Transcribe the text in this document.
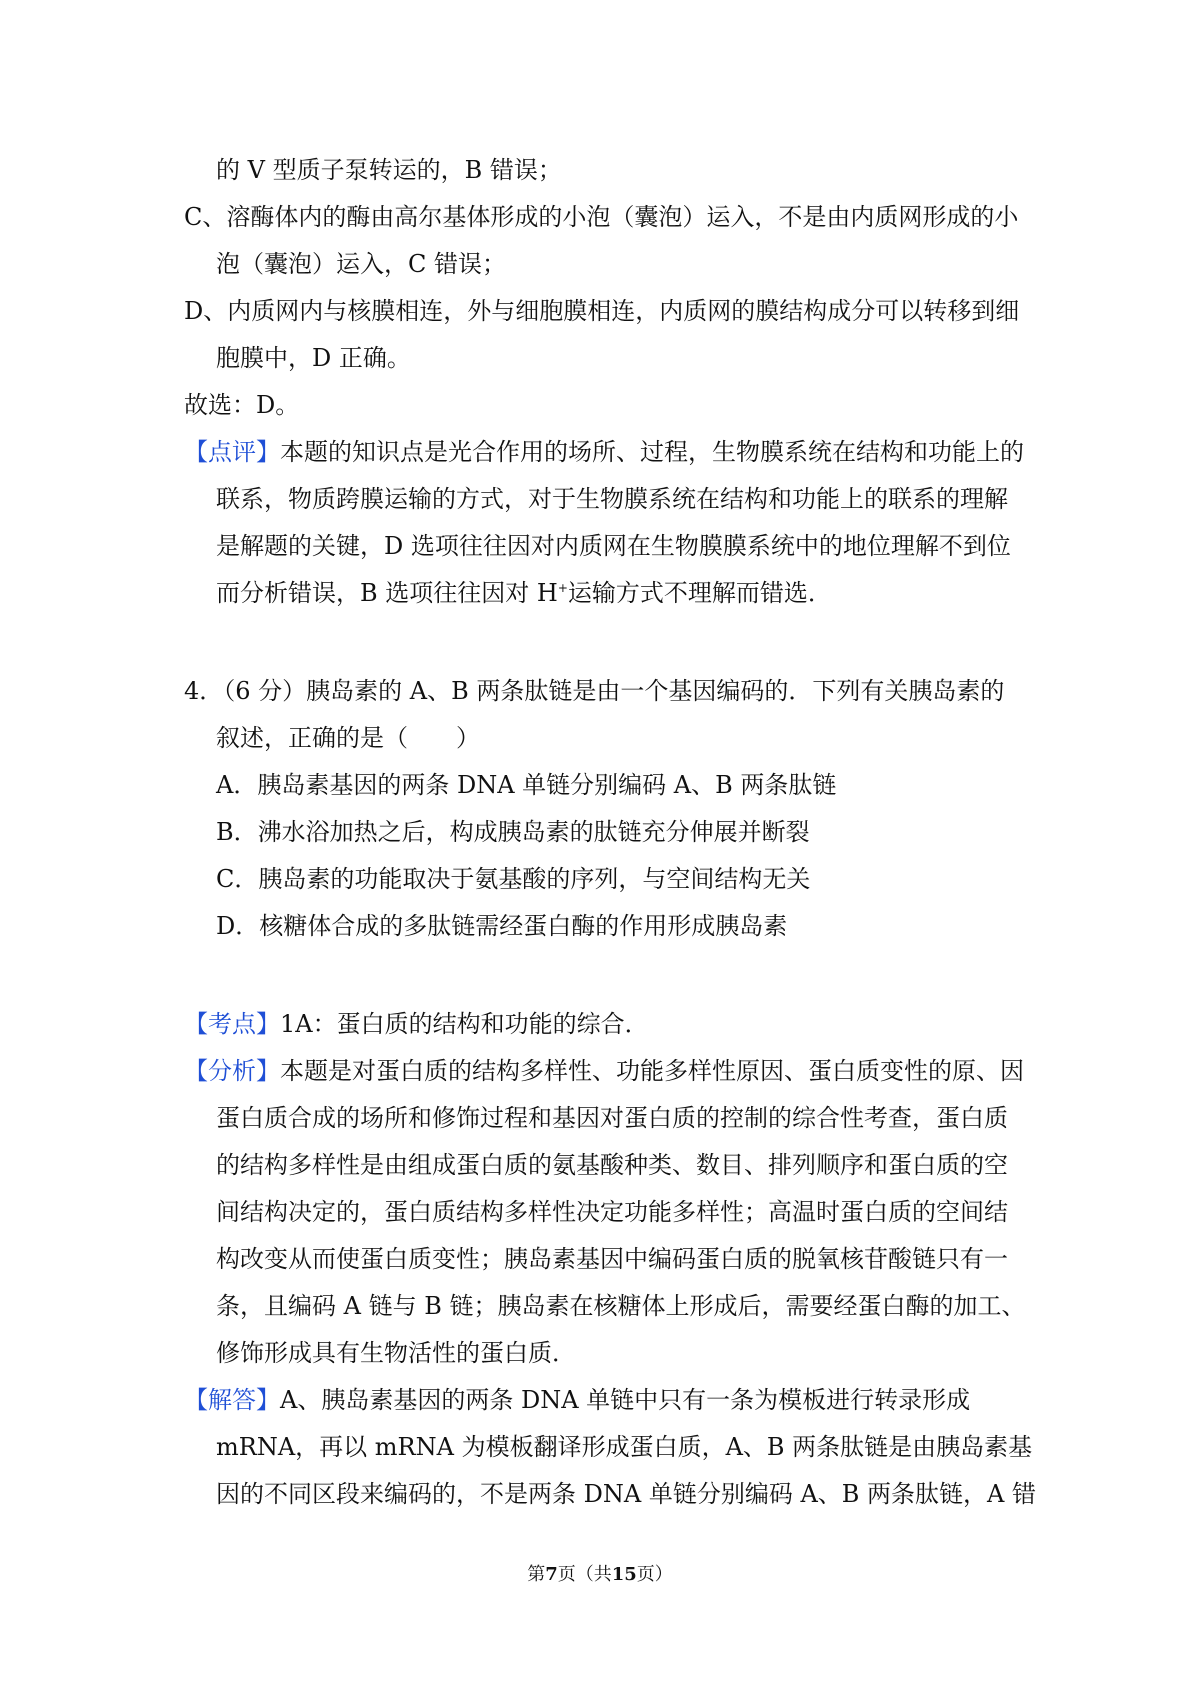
的 V 型质子泵转运的，B 错误；
C、溶酶体内的酶由高尔基体形成的小泡（囊泡）运入，不是由内质网形成的小
泡（囊泡）运入，C 错误；
D、内质网内与核膜相连，外与细胞膜相连，内质网的膜结构成分可以转移到细
胞膜中，D 正确。
故选：D。
【点评】本题的知识点是光合作用的场所、过程，生物膜系统在结构和功能上的
联系，物质跨膜运输的方式，对于生物膜系统在结构和功能上的联系的理解
是解题的关键，D 选项往往因对内质网在生物膜膜系统中的地位理解不到位
而分析错误，B 选项往往因对 H+运输方式不理解而错选．
4．（6 分）胰岛素的 A、B 两条肽链是由一个基因编码的．下列有关胰岛素的
叙述，正确的是（　　）
A．胰岛素基因的两条 DNA 单链分别编码 A、B 两条肽链
B．沸水浴加热之后，构成胰岛素的肽链充分伸展并断裂
C．胰岛素的功能取决于氨基酸的序列，与空间结构无关
D．核糖体合成的多肽链需经蛋白酶的作用形成胰岛素
【考点】1A：蛋白质的结构和功能的综合．
【分析】本题是对蛋白质的结构多样性、功能多样性原因、蛋白质变性的原、因
蛋白质合成的场所和修饰过程和基因对蛋白质的控制的综合性考查，蛋白质
的结构多样性是由组成蛋白质的氨基酸种类、数目、排列顺序和蛋白质的空
间结构决定的，蛋白质结构多样性决定功能多样性；高温时蛋白质的空间结
构改变从而使蛋白质变性；胰岛素基因中编码蛋白质的脱氧核苷酸链只有一
条，且编码 A 链与 B 链；胰岛素在核糖体上形成后，需要经蛋白酶的加工、
修饰形成具有生物活性的蛋白质．
【解答】A、胰岛素基因的两条 DNA 单链中只有一条为模板进行转录形成
mRNA，再以 mRNA 为模板翻译形成蛋白质，A、B 两条肽链是由胰岛素基
因的不同区段来编码的，不是两条 DNA 单链分别编码 A、B 两条肽链，A 错
第7页（共15页）
